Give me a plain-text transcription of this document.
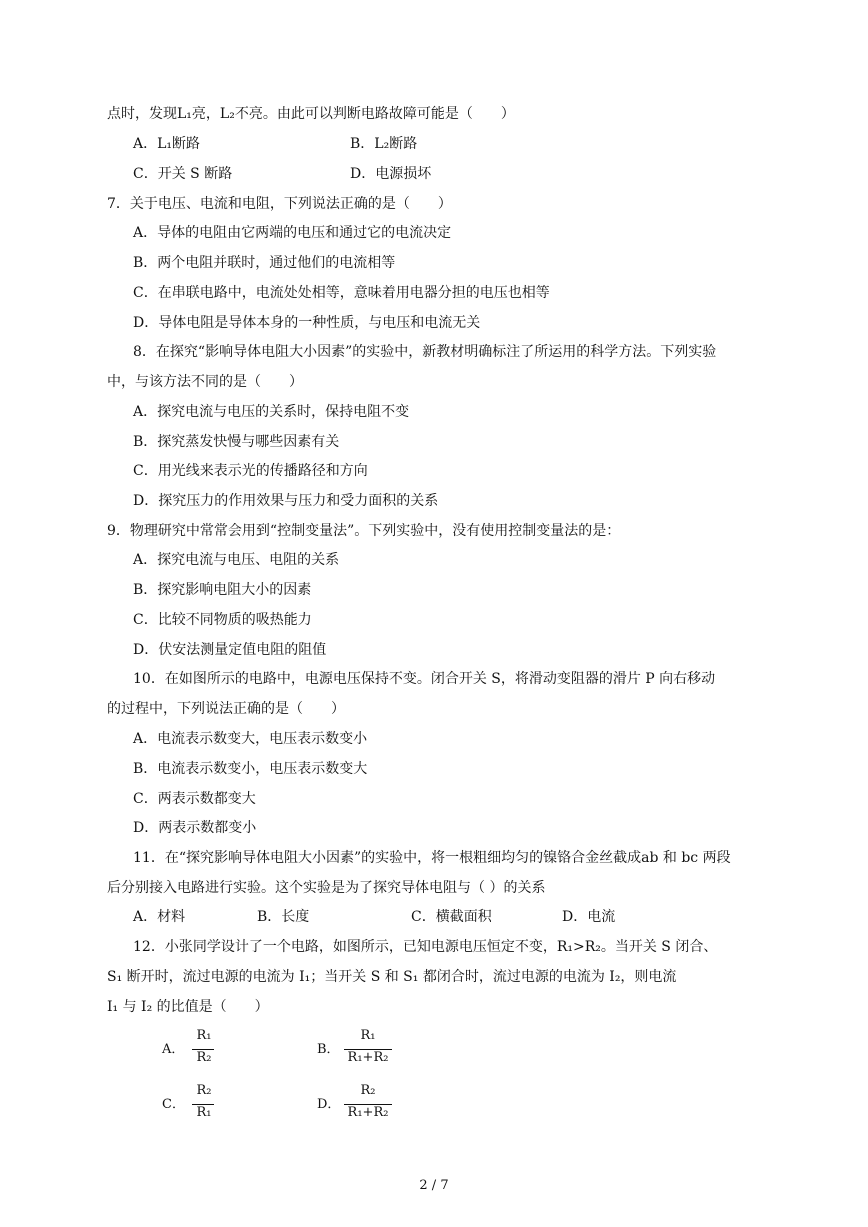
点时，发现L₁亮，L₂不亮。由此可以判断电路故障可能是（　　）
A．L₁断路	B．L₂断路
C．开关 S 断路	D．电源损坏
7．关于电压、电流和电阻，下列说法正确的是（　　）
A．导体的电阻由它两端的电压和通过它的电流决定
B．两个电阻并联时，通过他们的电流相等
C．在串联电路中，电流处处相等，意味着用电器分担的电压也相等
D．导体电阻是导体本身的一种性质，与电压和电流无关
8．在探究“影响导体电阻大小因素”的实验中，新教材明确标注了所运用的科学方法。下列实验
中，与该方法不同的是（　　）
A．探究电流与电压的关系时，保持电阻不变
B．探究蒸发快慢与哪些因素有关
C．用光线来表示光的传播路径和方向
D．探究压力的作用效果与压力和受力面积的关系
9．物理研究中常常会用到“控制变量法”。下列实验中，没有使用控制变量法的是：
A．探究电流与电压、电阻的关系
B．探究影响电阻大小的因素
C．比较不同物质的吸热能力
D．伏安法测量定值电阻的阻值
10．在如图所示的电路中，电源电压保持不变。闭合开关 S，将滑动变阻器的滑片 P 向右移动
的过程中，下列说法正确的是（　　）
A．电流表示数变大，电压表示数变小
B．电流表示数变小，电压表示数变大
C．两表示数都变大
D．两表示数都变小
11．在“探究影响导体电阻大小因素”的实验中，将一根粗细均匀的镍铬合金丝截成ab 和 bc 两段
后分别接入电路进行实验。这个实验是为了探究导体电阻与（ ）的关系
A．材料	B．长度	C．横截面积	D．电流
12．小张同学设计了一个电路，如图所示，已知电源电压恒定不变，R₁>R₂。当开关 S 闭合、
S₁ 断开时，流过电源的电流为 I₁；当开关 S 和 S₁ 都闭合时，流过电源的电流为 I₂，则电流
I₁ 与 I₂ 的比值是（　　）
A．
R₁
R₂
B．
R₁
R₁+R₂
C．
R₂
R₁
D．
R₂
R₁+R₂
2 / 7
